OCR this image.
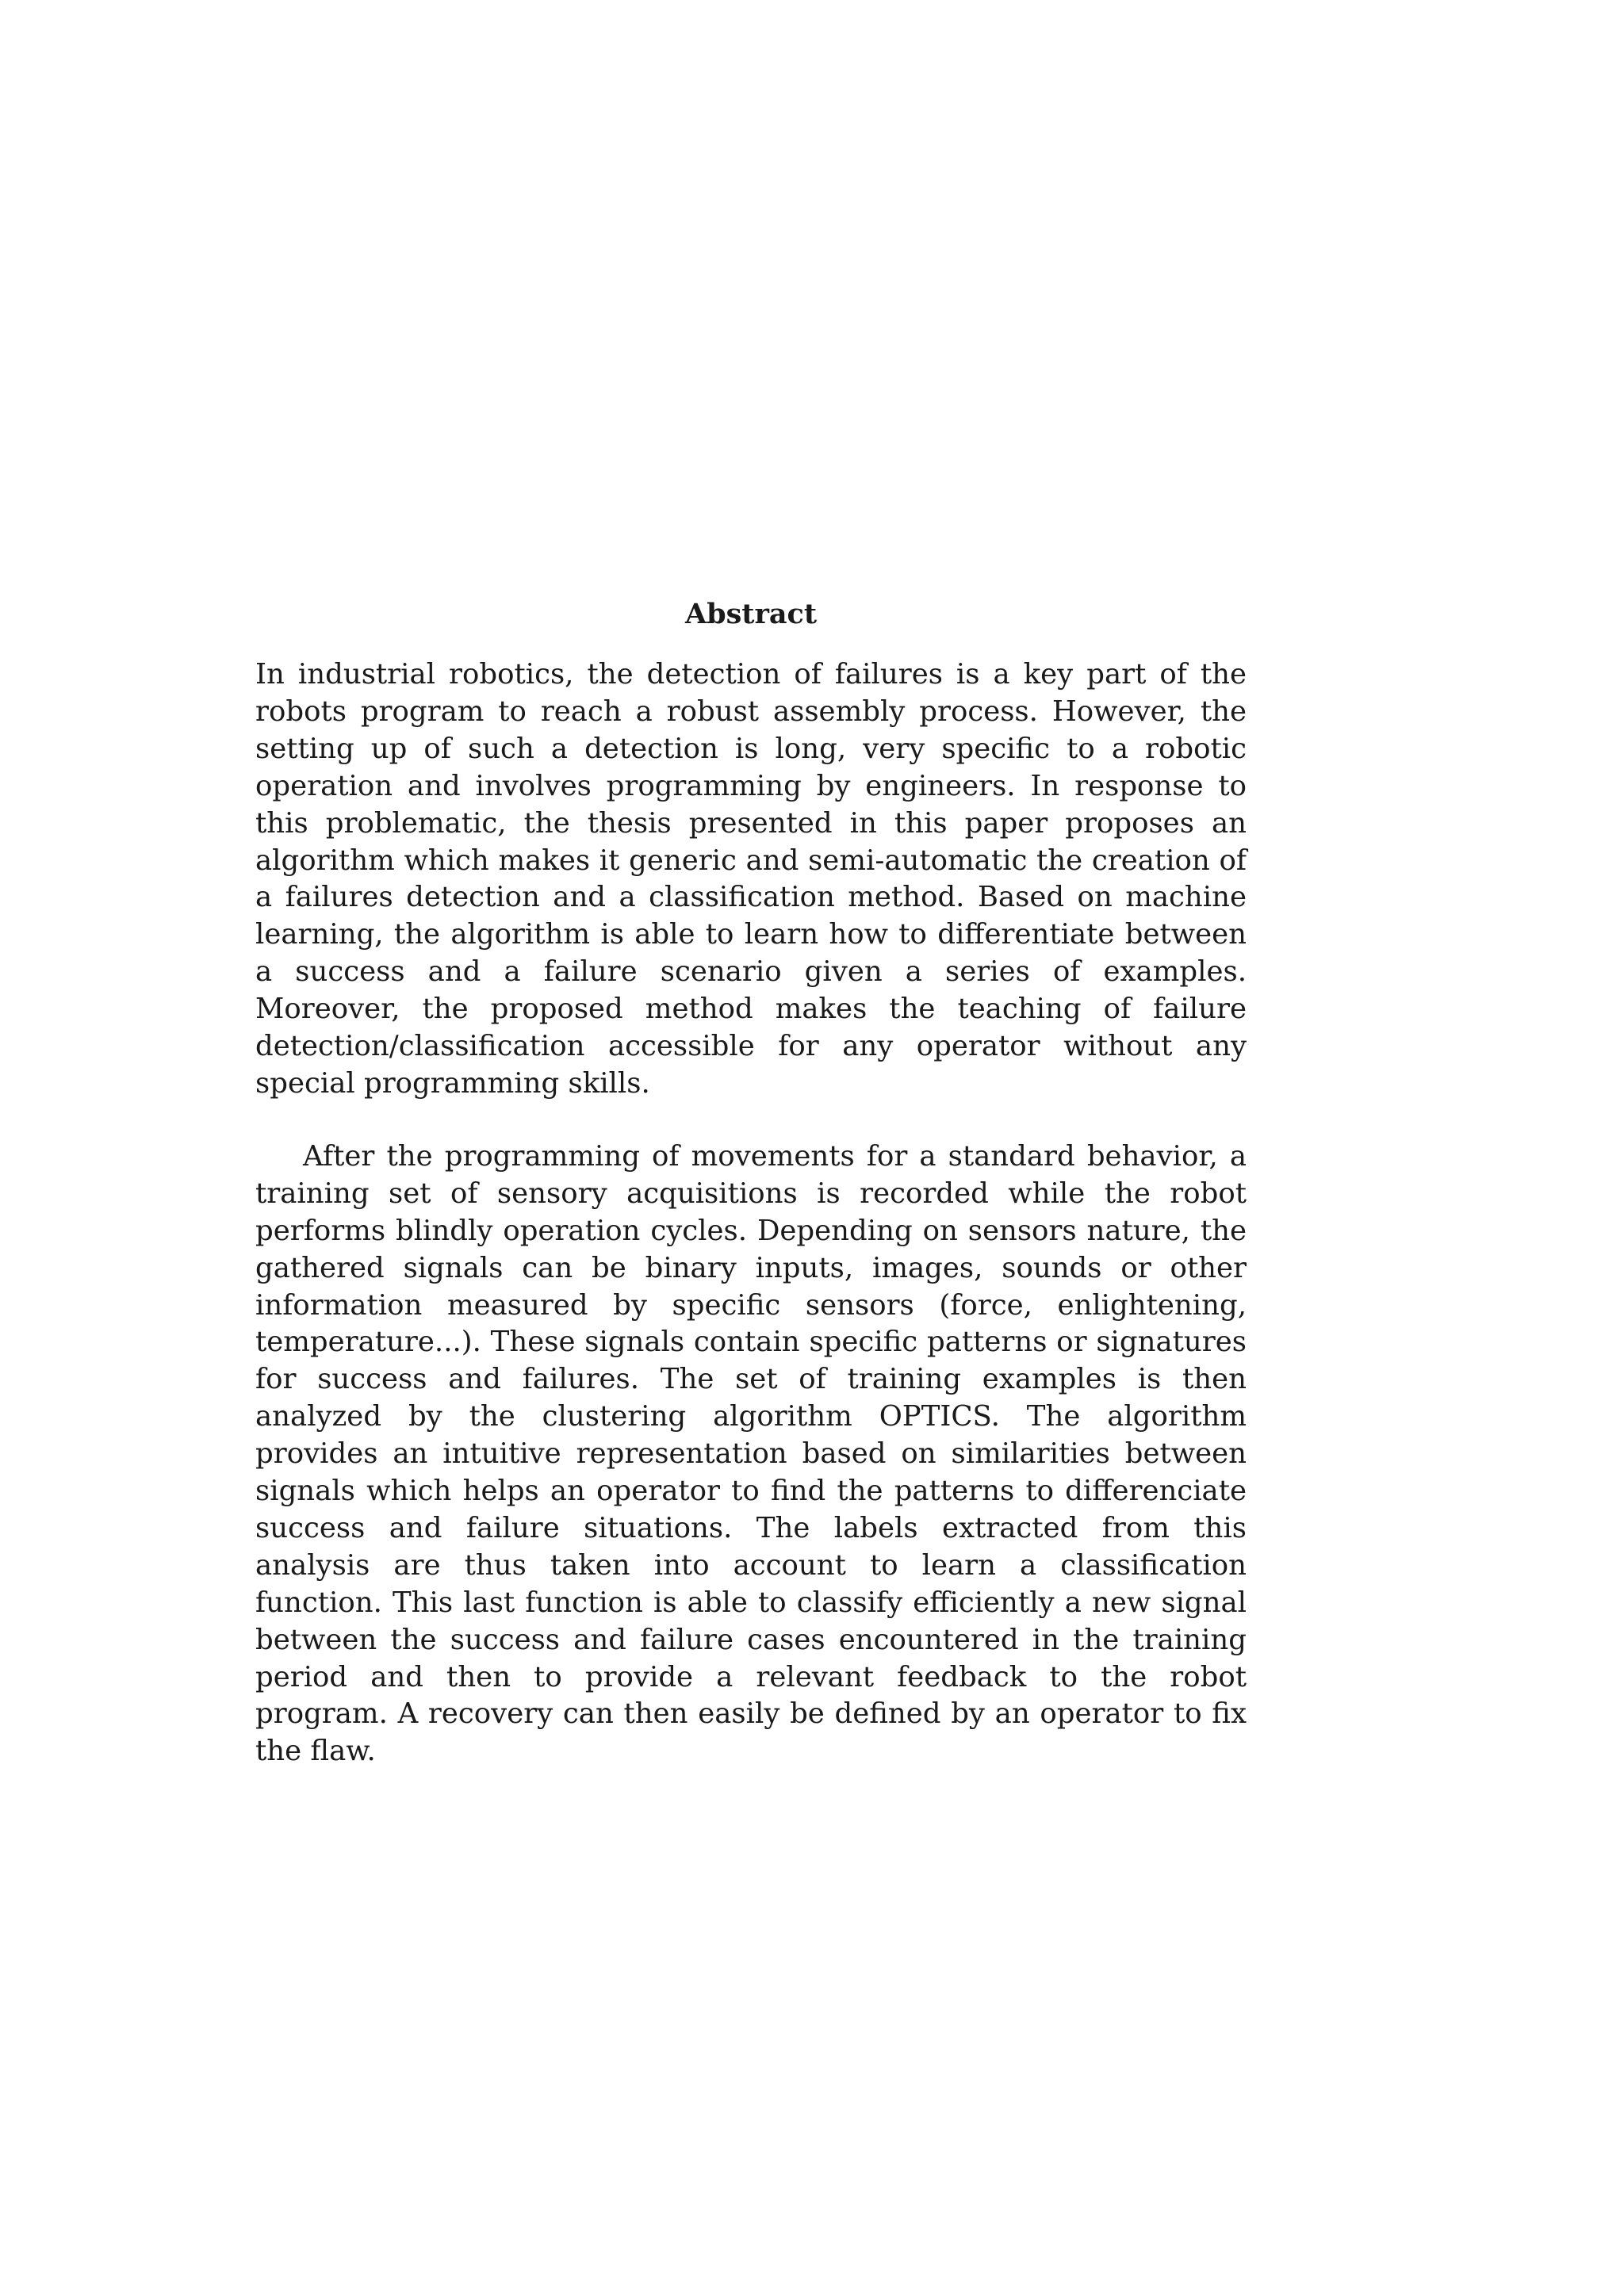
Abstract

In industrial robotics, the detection of failures is a key part of the robots program to reach a robust assembly process. However, the setting up of such a detection is long, very specific to a robotic operation and involves programming by engineers. In response to this problematic, the thesis presented in this paper proposes an algorithm which makes it generic and semi-automatic the creation of a failures detection and a classification method. Based on machine learning, the algorithm is able to learn how to differentiate between a success and a failure scenario given a series of examples. Moreover, the proposed method makes the teaching of failure detection/classification accessible for any operator without any special programming skills.

After the programming of movements for a standard behavior, a training set of sensory acquisitions is recorded while the robot performs blindly operation cycles. Depending on sensors nature, the gathered signals can be binary inputs, images, sounds or other information measured by specific sensors (force, enlightening, temperature...). These signals contain specific patterns or signatures for success and failures. The set of training examples is then analyzed by the clustering algorithm OPTICS. The algorithm provides an intuitive representation based on similarities between signals which helps an operator to find the patterns to differenciate success and failure situations. The labels extracted from this analysis are thus taken into account to learn a classification function. This last function is able to classify efficiently a new signal between the success and failure cases encountered in the training period and then to provide a relevant feedback to the robot program. A recovery can then easily be defined by an operator to fix the flaw.
